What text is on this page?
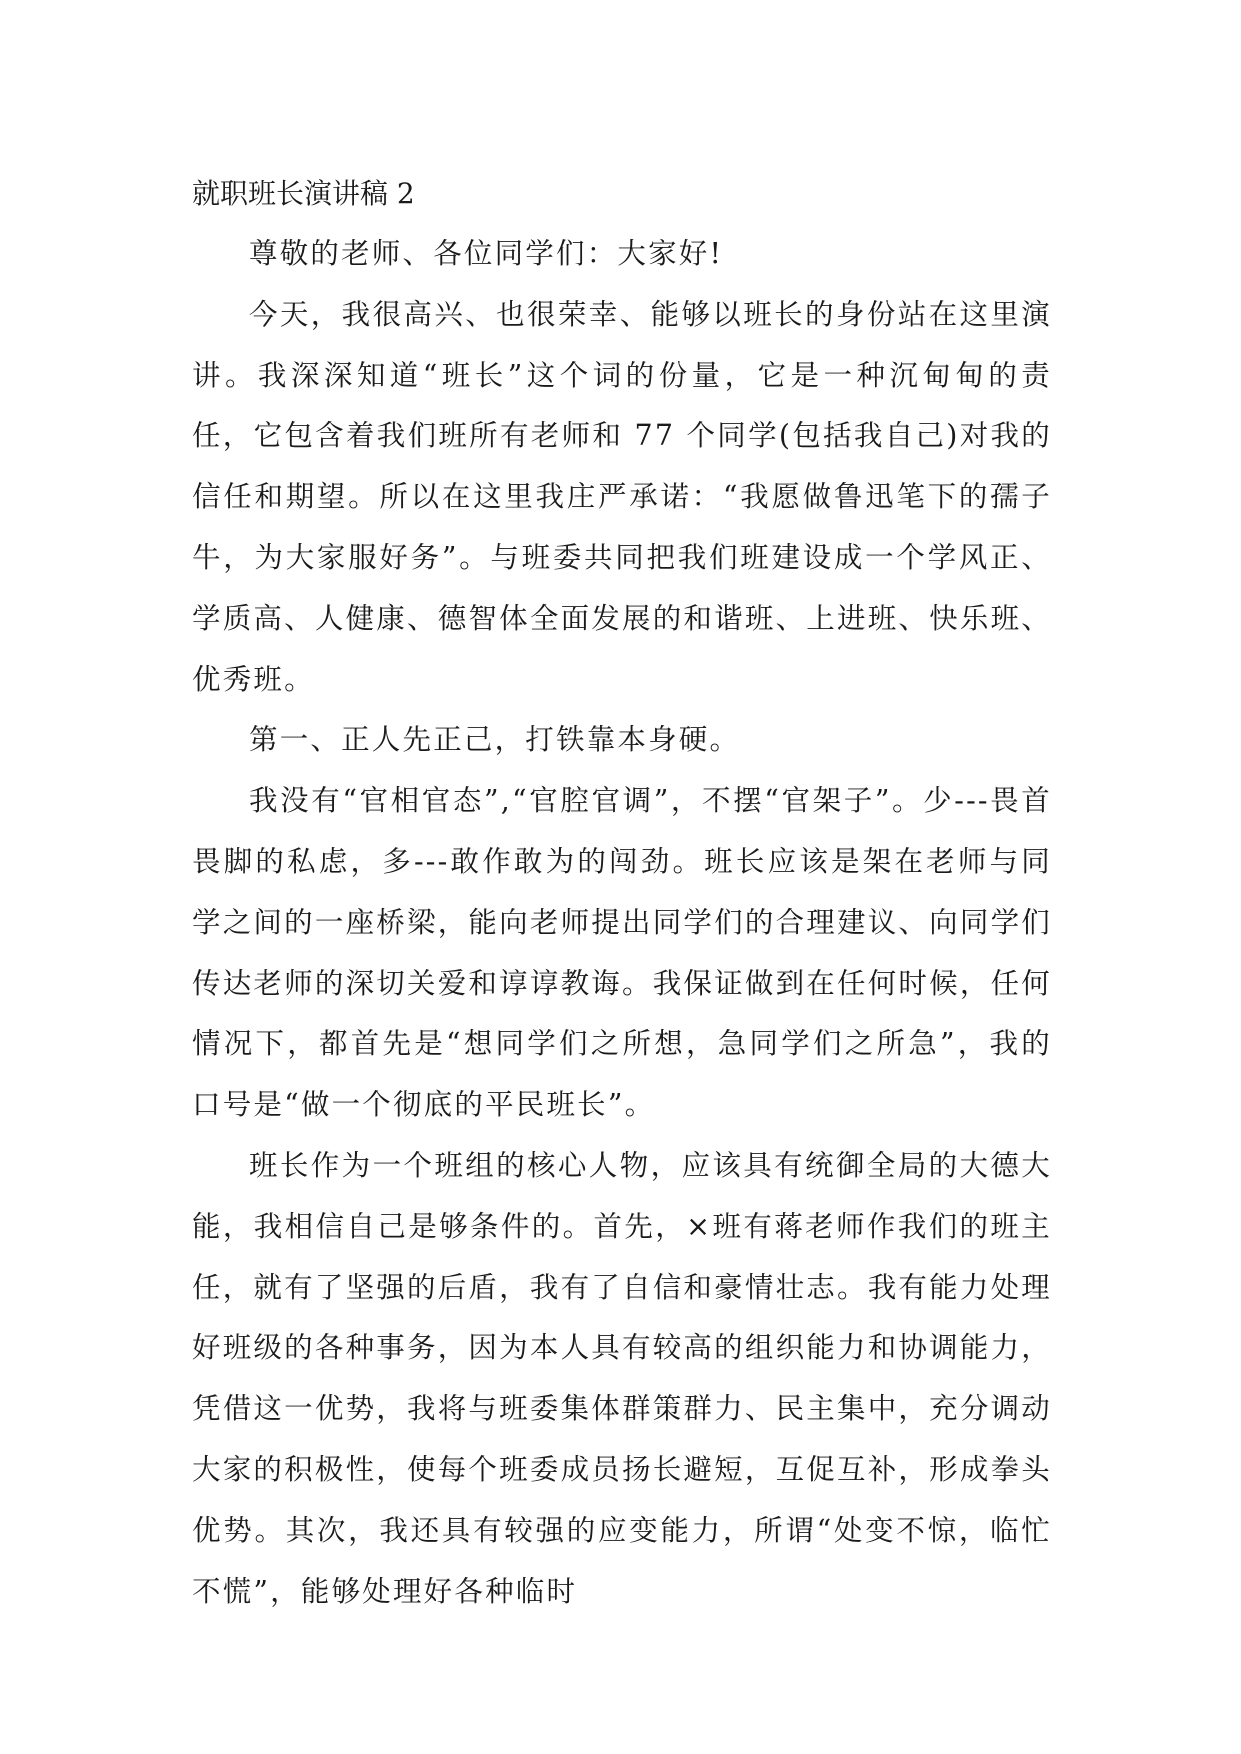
就职班长演讲稿 2

尊敬的老师、各位同学们：大家好!

今天，我很高兴、也很荣幸、能够以班长的身份站在这里演讲。我深深知道“班长”这个词的份量，它是一种沉甸甸的责任，它包含着我们班所有老师和 77 个同学(包括我自己)对我的信任和期望。所以在这里我庄严承诺：“我愿做鲁迅笔下的孺子牛，为大家服好务”。与班委共同把我们班建设成一个学风正、学质高、人健康、德智体全面发展的和谐班、上进班、快乐班、优秀班。

第一、正人先正己，打铁靠本身硬。

我没有“官相官态”,“官腔官调”，不摆“官架子”。少---畏首畏脚的私虑，多---敢作敢为的闯劲。班长应该是架在老师与同学之间的一座桥梁，能向老师提出同学们的合理建议、向同学们传达老师的深切关爱和谆谆教诲。我保证做到在任何时候，任何情况下，都首先是“想同学们之所想，急同学们之所急”，我的口号是“做一个彻底的平民班长”。

班长作为一个班组的核心人物，应该具有统御全局的大德大能，我相信自己是够条件的。首先，×班有蒋老师作我们的班主任，就有了坚强的后盾，我有了自信和豪情壮志。我有能力处理好班级的各种事务，因为本人具有较高的组织能力和协调能力，凭借这一优势，我将与班委集体群策群力、民主集中，充分调动大家的积极性，使每个班委成员扬长避短，互促互补，形成拳头优势。其次，我还具有较强的应变能力，所谓“处变不惊，临忙不慌”，能够处理好各种临时
